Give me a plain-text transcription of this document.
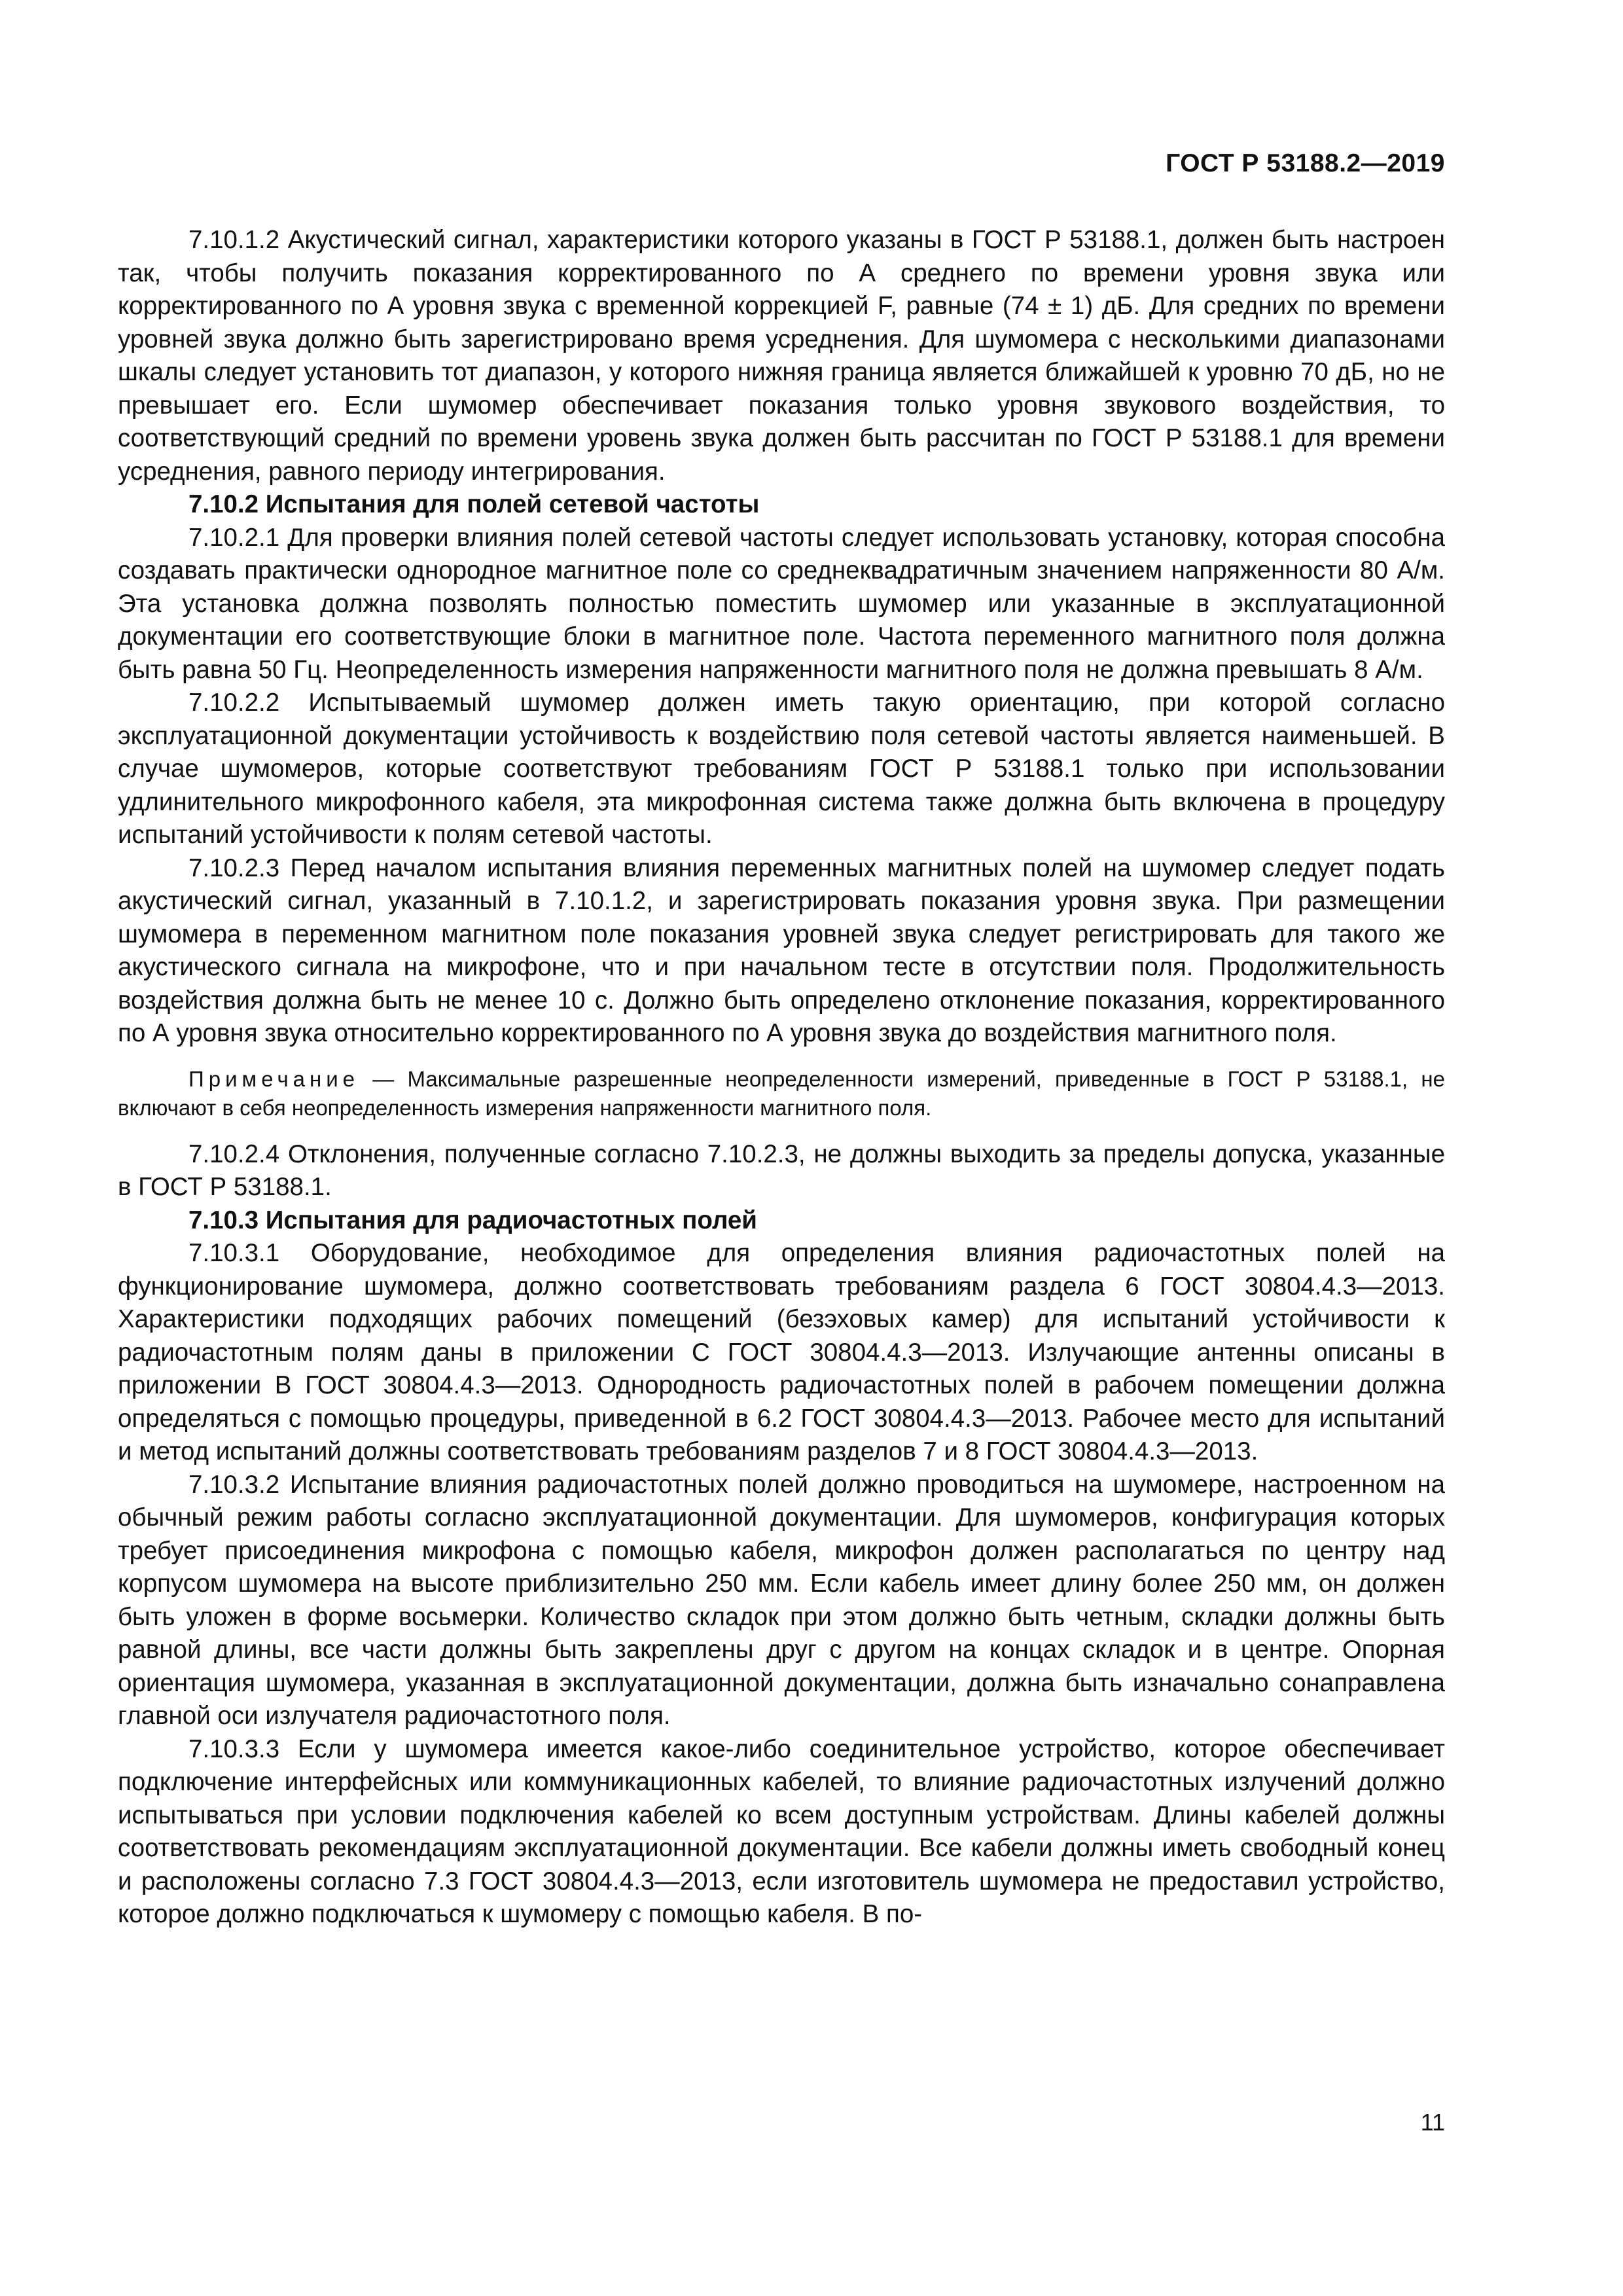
ГОСТ Р 53188.2—2019

7.10.1.2 Акустический сигнал, характеристики которого указаны в ГОСТ Р 53188.1, должен быть настроен так, чтобы получить показания корректированного по А среднего по времени уровня звука или корректированного по А уровня звука с временной коррекцией F, равные (74 ± 1) дБ. Для средних по времени уровней звука должно быть зарегистрировано время усреднения. Для шумомера с несколькими диапазонами шкалы следует установить тот диапазон, у которого нижняя граница является ближайшей к уровню 70 дБ, но не превышает его. Если шумомер обеспечивает показания только уровня звукового воздействия, то соответствующий средний по времени уровень звука должен быть рассчитан по ГОСТ Р 53188.1 для времени усреднения, равного периоду интегрирования.

7.10.2 Испытания для полей сетевой частоты

7.10.2.1 Для проверки влияния полей сетевой частоты следует использовать установку, которая способна создавать практически однородное магнитное поле со среднеквадратичным значением напряженности 80 А/м. Эта установка должна позволять полностью поместить шумомер или указанные в эксплуатационной документации его соответствующие блоки в магнитное поле. Частота переменного магнитного поля должна быть равна 50 Гц. Неопределенность измерения напряженности магнитного поля не должна превышать 8 А/м.

7.10.2.2 Испытываемый шумомер должен иметь такую ориентацию, при которой согласно эксплуатационной документации устойчивость к воздействию поля сетевой частоты является наименьшей. В случае шумомеров, которые соответствуют требованиям ГОСТ Р 53188.1 только при использовании удлинительного микрофонного кабеля, эта микрофонная система также должна быть включена в процедуру испытаний устойчивости к полям сетевой частоты.

7.10.2.3 Перед началом испытания влияния переменных магнитных полей на шумомер следует подать акустический сигнал, указанный в 7.10.1.2, и зарегистрировать показания уровня звука. При размещении шумомера в переменном магнитном поле показания уровней звука следует регистрировать для такого же акустического сигнала на микрофоне, что и при начальном тесте в отсутствии поля. Продолжительность воздействия должна быть не менее 10 с. Должно быть определено отклонение показания, корректированного по А уровня звука относительно корректированного по А уровня звука до воздействия магнитного поля.

Примечание — Максимальные разрешенные неопределенности измерений, приведенные в ГОСТ Р 53188.1, не включают в себя неопределенность измерения напряженности магнитного поля.

7.10.2.4 Отклонения, полученные согласно 7.10.2.3, не должны выходить за пределы допуска, указанные в ГОСТ Р 53188.1.

7.10.3 Испытания для радиочастотных полей

7.10.3.1 Оборудование, необходимое для определения влияния радиочастотных полей на функционирование шумомера, должно соответствовать требованиям раздела 6 ГОСТ 30804.4.3—2013. Характеристики подходящих рабочих помещений (безэховых камер) для испытаний устойчивости к радиочастотным полям даны в приложении С ГОСТ 30804.4.3—2013. Излучающие антенны описаны в приложении В ГОСТ 30804.4.3—2013. Однородность радиочастотных полей в рабочем помещении должна определяться с помощью процедуры, приведенной в 6.2 ГОСТ 30804.4.3—2013. Рабочее место для испытаний и метод испытаний должны соответствовать требованиям разделов 7 и 8 ГОСТ 30804.4.3—2013.

7.10.3.2 Испытание влияния радиочастотных полей должно проводиться на шумомере, настроенном на обычный режим работы согласно эксплуатационной документации. Для шумомеров, конфигурация которых требует присоединения микрофона с помощью кабеля, микрофон должен располагаться по центру над корпусом шумомера на высоте приблизительно 250 мм. Если кабель имеет длину более 250 мм, он должен быть уложен в форме восьмерки. Количество складок при этом должно быть четным, складки должны быть равной длины, все части должны быть закреплены друг с другом на концах складок и в центре. Опорная ориентация шумомера, указанная в эксплуатационной документации, должна быть изначально сонаправлена главной оси излучателя радиочастотного поля.

7.10.3.3 Если у шумомера имеется какое-либо соединительное устройство, которое обеспечивает подключение интерфейсных или коммуникационных кабелей, то влияние радиочастотных излучений должно испытываться при условии подключения кабелей ко всем доступным устройствам. Длины кабелей должны соответствовать рекомендациям эксплуатационной документации. Все кабели должны иметь свободный конец и расположены согласно 7.3 ГОСТ 30804.4.3—2013, если изготовитель шумомера не предоставил устройство, которое должно подключаться к шумомеру с помощью кабеля. В по-

11
